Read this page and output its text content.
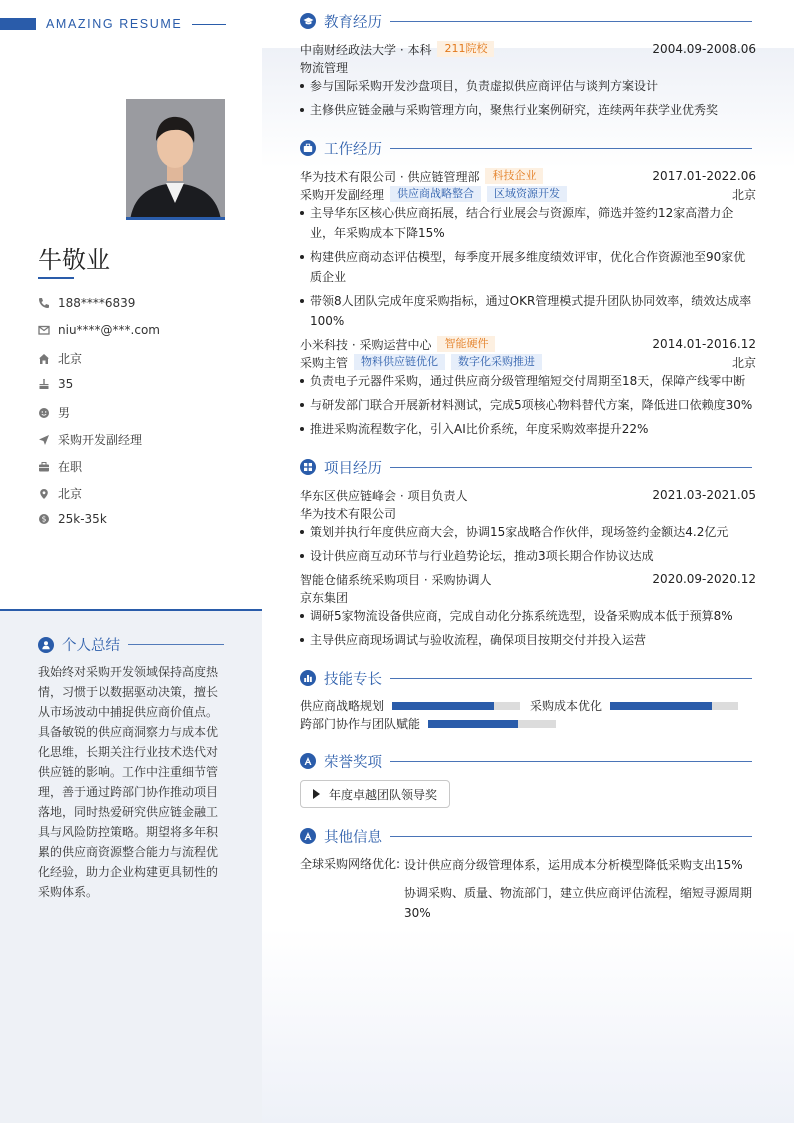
AMAZING RESUME
牛敬业
188****6839
niu****@***.com
北京
35
男
采购开发副经理
在职
北京
$ 25k-35k
个人总结
我始终对采购开发领域保持高度热情，习惯于以数据驱动决策，擅长从市场波动中捕捉供应商价值点。具备敏锐的供应商洞察力与成本优化思维，长期关注行业技术迭代对供应链的影响。工作中注重细节管理，善于通过跨部门协作推动项目落地，同时热爱研究供应链金融工具与风险防控策略。期望将多年积累的供应商资源整合能力与流程优化经验，助力企业构建更具韧性的采购体系。
教育经历
中南财经政法大学 · 本科	211院校	2004.09-2008.06
物流管理
参与国际采购开发沙盘项目，负责虚拟供应商评估与谈判方案设计
主修供应链金融与采购管理方向，聚焦行业案例研究，连续两年获学业优秀奖
工作经历
华为技术有限公司 · 供应链管理部	科技企业	2017.01-2022.06
采购开发副经理	供应商战略整合	区域资源开发	北京
主导华东区核心供应商拓展，结合行业展会与资源库，筛选并签约12家高潜力企业，年采购成本下降15%
构建供应商动态评估模型，每季度开展多维度绩效评审，优化合作资源池至90家优质企业
带领8人团队完成年度采购指标，通过OKR管理模式提升团队协同效率，绩效达成率100%
小米科技 · 采购运营中心	智能硬件	2014.01-2016.12
采购主管	物料供应链优化	数字化采购推进	北京
负责电子元器件采购，通过供应商分级管理缩短交付周期至18天，保障产线零中断
与研发部门联合开展新材料测试，完成5项核心物料替代方案，降低进口依赖度30%
推进采购流程数字化，引入AI比价系统，年度采购效率提升22%
项目经历
华东区供应链峰会 · 项目负责人	2021.03-2021.05
华为技术有限公司
策划并执行年度供应商大会，协调15家战略合作伙伴，现场签约金额达4.2亿元
设计供应商互动环节与行业趋势论坛，推动3项长期合作协议达成
智能仓储系统采购项目 · 采购协调人	2020.09-2020.12
京东集团
调研5家物流设备供应商，完成自动化分拣系统选型，设备采购成本低于预算8%
主导供应商现场调试与验收流程，确保项目按期交付并投入运营
技能专长
供应商战略规划	采购成本优化
跨部门协作与团队赋能
荣誉奖项
年度卓越团队领导奖
其他信息
全球采购网络优化: 设计供应商分级管理体系，运用成本分析模型降低采购支出15%
协调采购、质量、物流部门，建立供应商评估流程，缩短寻源周期30%
